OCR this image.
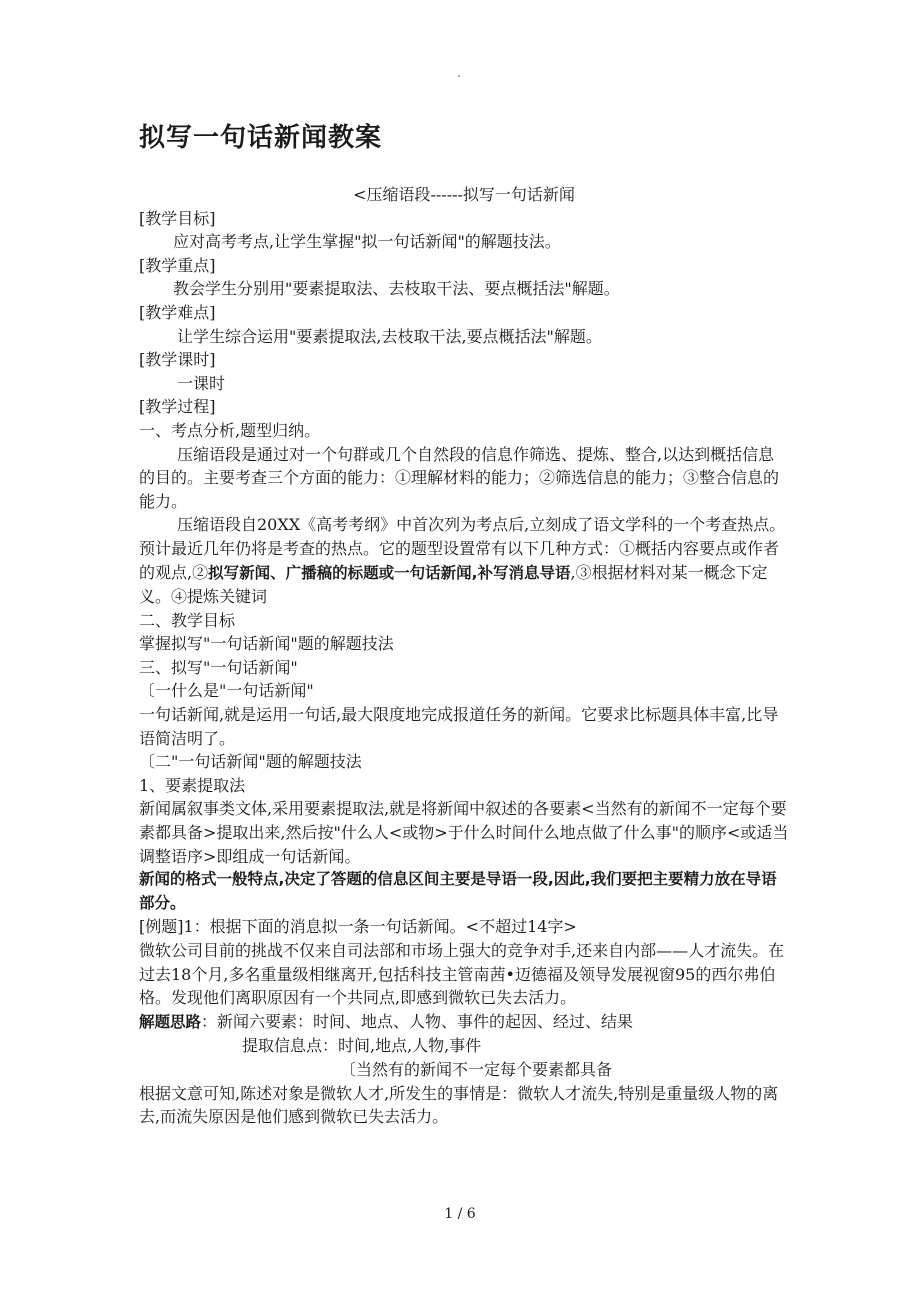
.
拟写一句话新闻教案

<压缩语段------拟写一句话新闻

[教学目标]

应对高考考点,让学生掌握"拟一句话新闻"的解题技法。

[教学重点]

教会学生分别用"要素提取法、去枝取干法、要点概括法"解题。

[教学难点]

让学生综合运用"要素提取法,去枝取干法,要点概括法"解题。

[教学课时]

一课时

[教学过程]

一、考点分析,题型归纳。

压缩语段是通过对一个句群或几个自然段的信息作筛选、提炼、整合,以达到概括信息的目的。主要考查三个方面的能力：①理解材料的能力；②筛选信息的能力；③整合信息的能力。

压缩语段自20XX《高考考纲》中首次列为考点后,立刻成了语文学科的一个考查热点。预计最近几年仍将是考查的热点。它的题型设置常有以下几种方式：①概括内容要点或作者的观点,②拟写新闻、广播稿的标题或一句话新闻,补写消息导语,③根据材料对某一概念下定义。④提炼关键词

二、教学目标

掌握拟写"一句话新闻"题的解题技法

三、拟写"一句话新闻"

〔一什么是"一句话新闻"

一句话新闻,就是运用一句话,最大限度地完成报道任务的新闻。它要求比标题具体丰富,比导语简洁明了。

〔二"一句话新闻"题的解题技法

1、要素提取法

新闻属叙事类文体,采用要素提取法,就是将新闻中叙述的各要素<当然有的新闻不一定每个要素都具备>提取出来,然后按"什么人<或物>于什么时间什么地点做了什么事"的顺序<或适当调整语序>即组成一句话新闻。

新闻的格式一般特点,决定了答题的信息区间主要是导语一段,因此,我们要把主要精力放在导语部分。

[例题]1：根据下面的消息拟一条一句话新闻。<不超过14字>

微软公司目前的挑战不仅来自司法部和市场上强大的竞争对手,还来自内部——人才流失。在过去18个月,多名重量级相继离开,包括科技主管南茜•迈德福及领导发展视窗95的西尔弗伯格。发现他们离职原因有一个共同点,即感到微软已失去活力。

解题思路：新闻六要素：时间、地点、人物、事件的起因、经过、结果

提取信息点：时间,地点,人物,事件

〔当然有的新闻不一定每个要素都具备

根据文意可知,陈述对象是微软人才,所发生的事情是：微软人才流失,特别是重量级人物的离去,而流失原因是他们感到微软已失去活力。

1 / 6
